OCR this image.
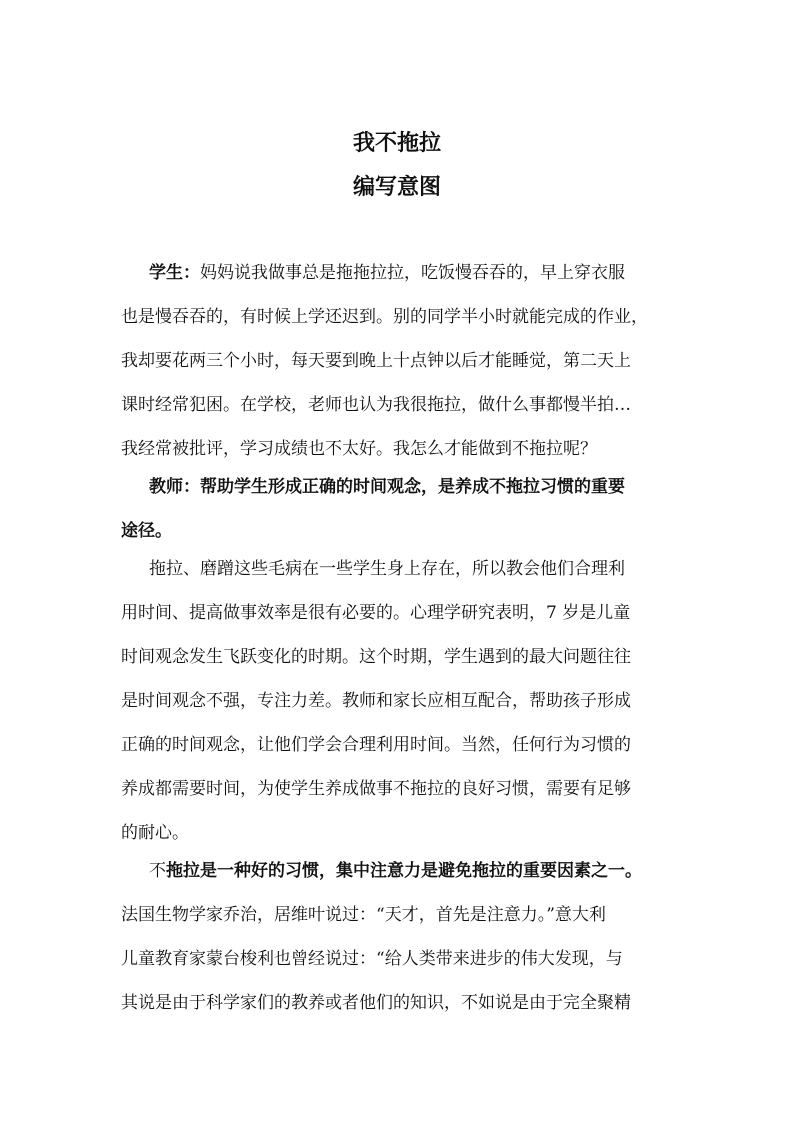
我不拖拉
编写意图
学生：妈妈说我做事总是拖拖拉拉，吃饭慢吞吞的，早上穿衣服
也是慢吞吞的，有时候上学还迟到。别的同学半小时就能完成的作业，
我却要花两三个小时，每天要到晚上十点钟以后才能睡觉，第二天上
课时经常犯困。在学校，老师也认为我很拖拉，做什么事都慢半拍…
我经常被批评，学习成绩也不太好。我怎么才能做到不拖拉呢？
教师：帮助学生形成正确的时间观念，是养成不拖拉习惯的重要
途径。
拖拉、磨蹭这些毛病在一些学生身上存在，所以教会他们合理利
用时间、提高做事效率是很有必要的。心理学研究表明，7 岁是儿童
时间观念发生飞跃变化的时期。这个时期，学生遇到的最大问题往往
是时间观念不强，专注力差。教师和家长应相互配合，帮助孩子形成
正确的时间观念，让他们学会合理利用时间。当然，任何行为习惯的
养成都需要时间，为使学生养成做事不拖拉的良好习惯，需要有足够
的耐心。
不拖拉是一种好的习惯，集中注意力是避免拖拉的重要因素之一。
法国生物学家乔治，居维叶说过：“天才，首先是注意力。”意大利
儿童教育家蒙台梭利也曾经说过：“给人类带来进步的伟大发现，与
其说是由于科学家们的教养或者他们的知识，不如说是由于完全聚精
